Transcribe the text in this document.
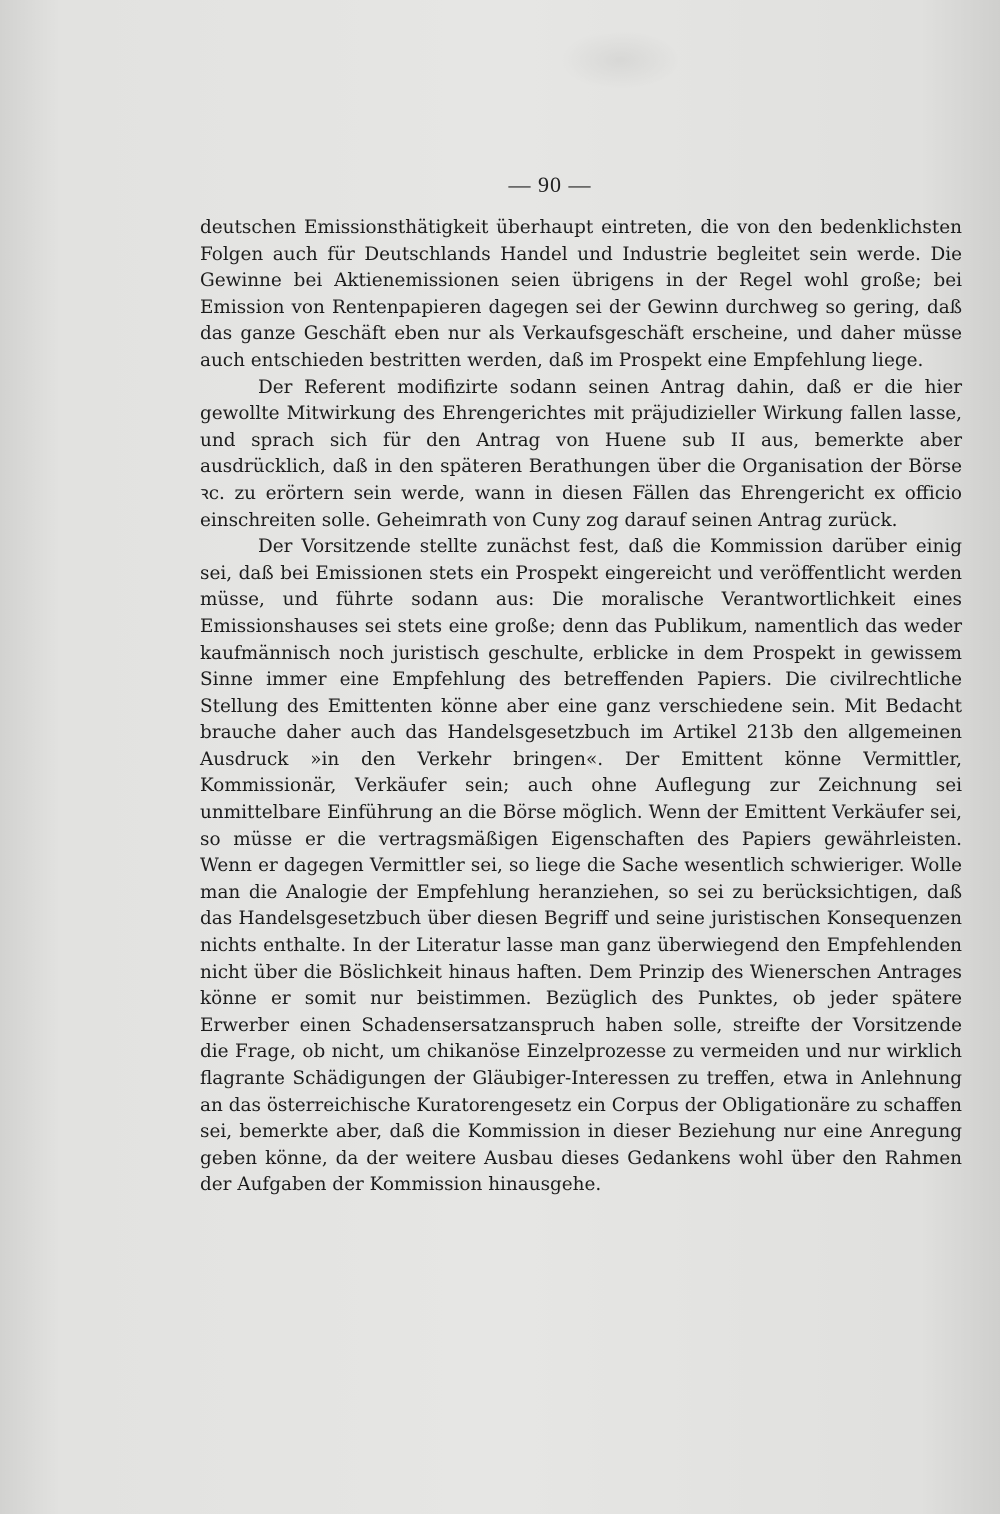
— 90 —

deutschen Emissionsthätigkeit überhaupt eintreten, die von den bedenklichsten Folgen auch für Deutschlands Handel und Industrie begleitet sein werde. Die Gewinne bei Aktienemissionen seien übrigens in der Regel wohl große; bei Emission von Rentenpapieren dagegen sei der Gewinn durchweg so gering, daß das ganze Geschäft eben nur als Verkaufsgeschäft erscheine, und daher müsse auch entschieden bestritten werden, daß im Prospekt eine Empfehlung liege.

Der Referent modifizirte sodann seinen Antrag dahin, daß er die hier gewollte Mitwirkung des Ehrengerichtes mit präjudizieller Wirkung fallen lasse, und sprach sich für den Antrag von Huene sub II aus, bemerkte aber ausdrücklich, daß in den späteren Berathungen über die Organisation der Börse ꝛc. zu erörtern sein werde, wann in diesen Fällen das Ehrengericht ex officio einschreiten solle. Geheimrath von Cuny zog darauf seinen Antrag zurück.

Der Vorsitzende stellte zunächst fest, daß die Kommission darüber einig sei, daß bei Emissionen stets ein Prospekt eingereicht und veröffentlicht werden müsse, und führte sodann aus: Die moralische Verantwortlichkeit eines Emissionshauses sei stets eine große; denn das Publikum, namentlich das weder kaufmännisch noch juristisch geschulte, erblicke in dem Prospekt in gewissem Sinne immer eine Empfehlung des betreffenden Papiers. Die civilrechtliche Stellung des Emittenten könne aber eine ganz verschiedene sein. Mit Bedacht brauche daher auch das Handelsgesetzbuch im Artikel 213b den allgemeinen Ausdruck »in den Verkehr bringen«. Der Emittent könne Vermittler, Kommissionär, Verkäufer sein; auch ohne Auflegung zur Zeichnung sei unmittelbare Einführung an die Börse möglich. Wenn der Emittent Verkäufer sei, so müsse er die vertragsmäßigen Eigenschaften des Papiers gewährleisten. Wenn er dagegen Vermittler sei, so liege die Sache wesentlich schwieriger. Wolle man die Analogie der Empfehlung heranziehen, so sei zu berücksichtigen, daß das Handelsgesetzbuch über diesen Begriff und seine juristischen Konsequenzen nichts enthalte. In der Literatur lasse man ganz überwiegend den Empfehlenden nicht über die Böslichkeit hinaus haften. Dem Prinzip des Wienerschen Antrages könne er somit nur beistimmen. Bezüglich des Punktes, ob jeder spätere Erwerber einen Schadensersatzanspruch haben solle, streifte der Vorsitzende die Frage, ob nicht, um chikanöse Einzelprozesse zu vermeiden und nur wirklich flagrante Schädigungen der Gläubiger-Interessen zu treffen, etwa in Anlehnung an das österreichische Kuratorengesetz ein Corpus der Obligationäre zu schaffen sei, bemerkte aber, daß die Kommission in dieser Beziehung nur eine Anregung geben könne, da der weitere Ausbau dieses Gedankens wohl über den Rahmen der Aufgaben der Kommission hinausgehe.
